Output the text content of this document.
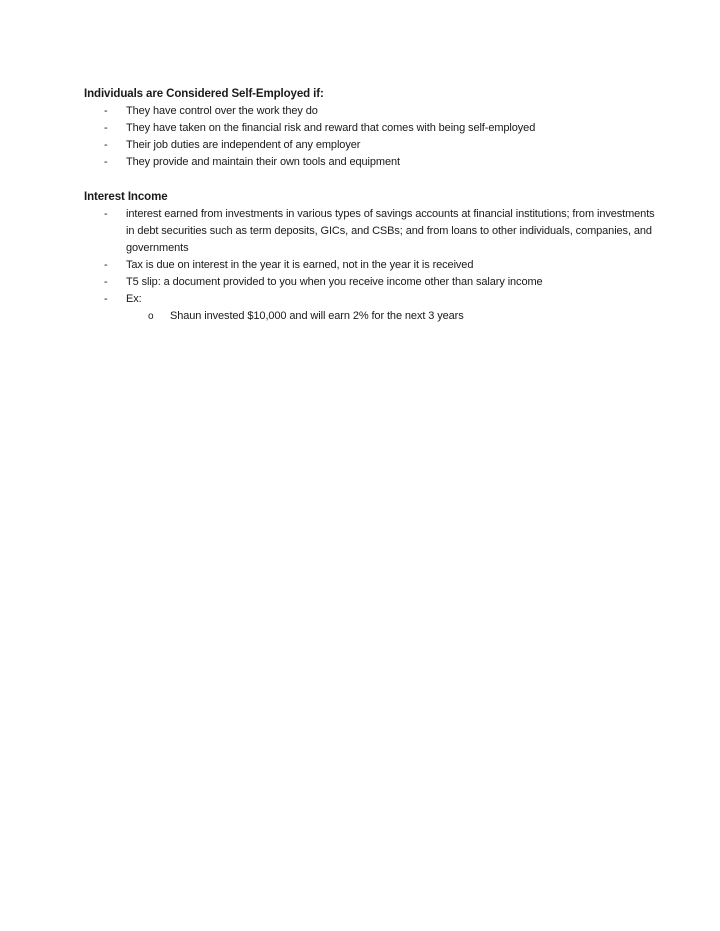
Individuals are Considered Self-Employed if:

- They have control over the work they do
- They have taken on the financial risk and reward that comes with being self-employed
- Their job duties are independent of any employer
- They provide and maintain their own tools and equipment

Interest Income

- interest earned from investments in various types of savings accounts at financial institutions; from investments in debt securities such as term deposits, GICs, and CSBs; and from loans to other individuals, companies, and governments
- Tax is due on interest in the year it is earned, not in the year it is received
- T5 slip: a document provided to you when you receive income other than salary income
- Ex:
o Shaun invested $10,000 and will earn 2% for the next 3 years
